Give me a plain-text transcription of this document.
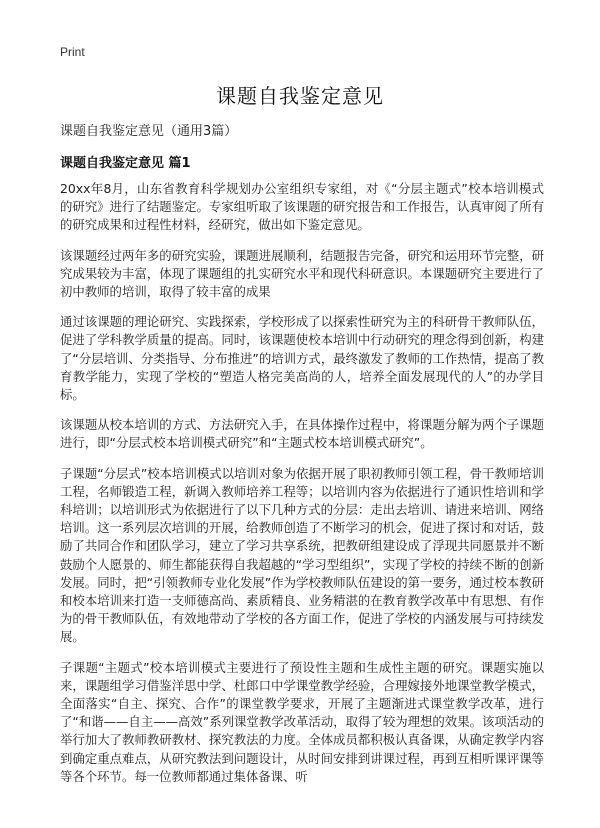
Print
课题自我鉴定意见
课题自我鉴定意见（通用3篇）
课题自我鉴定意见 篇1

20xx年8月，山东省教育科学规划办公室组织专家组，对《“分层主题式”校本培训模式的研究》进行了结题鉴定。专家组听取了该课题的研究报告和工作报告，认真审阅了所有的研究成果和过程性材料，经研究，做出如下鉴定意见。

该课题经过两年多的研究实验，课题进展顺利，结题报告完备，研究和运用环节完整，研究成果较为丰富，体现了课题组的扎实研究水平和现代科研意识。本课题研究主要进行了初中教师的培训，取得了较丰富的成果

通过该课题的理论研究、实践探索，学校形成了以探索性研究为主的科研骨干教师队伍，促进了学科教学质量的提高。同时，该课题使校本培训中行动研究的理念得到创新，构建了“分层培训、分类指导、分布推进”的培训方式，最终激发了教师的工作热情，提高了教育教学能力，实现了学校的“塑造人格完美高尚的人，培养全面发展现代的人”的办学目标。

该课题从校本培训的方式、方法研究入手，在具体操作过程中，将课题分解为两个子课题进行，即“分层式校本培训模式研究”和“主题式校本培训模式研究”。

子课题“分层式”校本培训模式以培训对象为依据开展了职初教师引领工程，骨干教师培训工程，名师锻造工程，新调入教师培养工程等；以培训内容为依据进行了通识性培训和学科培训；以培训形式为依据进行了以下几种方式的分层：走出去培训、请进来培训、网络培训。这一系列层次培训的开展，给教师创造了不断学习的机会，促进了探讨和对话，鼓励了共同合作和团队学习，建立了学习共享系统，把教研组建设成了浮现共同愿景并不断鼓励个人愿景的、师生都能获得自我超越的“学习型组织”，实现了学校的持续不断的创新发展。同时，把“引领教师专业化发展”作为学校教师队伍建设的第一要务，通过校本教研和校本培训来打造一支师德高尚、素质精良、业务精湛的在教育教学改革中有思想、有作为的骨干教师队伍，有效地带动了学校的各方面工作，促进了学校的内涵发展与可持续发展。

子课题“主题式”校本培训模式主要进行了预设性主题和生成性主题的研究。课题实施以来，课题组学习借鉴洋思中学、杜郎口中学课堂教学经验，合理嫁接外地课堂教学模式，全面落实“自主、探究、合作”的课堂教学要求，开展了主题渐进式课堂教学改革，进行了“和谐——自主——高效”系列课堂教学改革活动，取得了较为理想的效果。该项活动的举行加大了教师教研教材、探究教法的力度。全体成员都积极认真备课，从确定教学内容到确定重点难点，从研究教法到问题设计，从时间安排到讲课过程，再到互相听课评课等等各个环节。每一位教师都通过集体备课、听
